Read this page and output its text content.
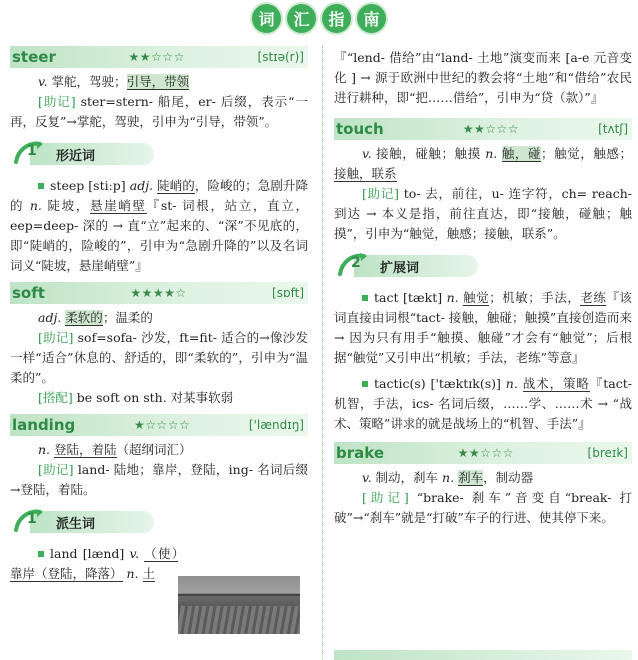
词	汇	指	南
steer	★★☆☆☆	[stɪə(r)]

v. 掌舵，驾驶；引导，带领

[助记] ster=stern- 船尾，er- 后缀，表示“一再，反复”→掌舵，驾驶，引申为“引导，带领”。

1 形近词

steep [stiːp] adj. 陡峭的，险峻的；急剧升降的 n. 陡坡，悬崖峭壁『st- 词根，站立，直立，eep=deep- 深的 → 直“立”起来的、“深”不见底的，即“陡峭的，险峻的”，引申为“急剧升降的”以及名词词义“陡坡，悬崖峭壁”』

soft	★★★★☆	[sɒft]

adj. 柔软的；温柔的

[助记] sof=sofa- 沙发，ft=fit- 适合的→像沙发一样“适合”休息的、舒适的，即“柔软的”，引申为“温柔的”。

[搭配] be soft on sth. 对某事软弱

landing	★☆☆☆☆	['lændɪŋ]

n. 登陆，着陆（超纲词汇）

[助记] land- 陆地；靠岸，登陆，ing- 名词后缀→登陆，着陆。

1 派生词

land [lænd] v. （使）靠岸（登陆，降落） n. 土

『“lend- 借给”由“land- 土地”演变而来 [a-e 元音变化 ] → 源于欧洲中世纪的教会将“土地”和“借给”农民进行耕种，即“把……借给”，引申为“贷（款）”』

touch	★★☆☆☆	[tʌtʃ]

v. 接触，碰触；触摸 n. 触，碰；触觉，触感；接触，联系

[助记] to- 去，前往，u- 连字符，ch= reach- 到达 → 本义是指，前往直达，即“接触，碰触；触摸”，引申为“触觉，触感；接触，联系”。

2 扩展词

tact [tækt] n. 触觉；机敏；手法，老练『该词直接由词根“tact- 接触，触碰；触摸”直接创造而来 → 因为只有用手“触摸、触碰”才会有“触觉”；后根据“触觉”又引申出“机敏；手法，老练”等意』

tactic(s) ['tæktɪk(s)] n. 战术，策略『tact- 机智，手法，ics- 名词后缀，……学、……术 → “战术、策略”讲求的就是战场上的“机智、手法”』

brake	★★☆☆☆	[breɪk]

v. 制动，刹车 n. 刹车，制动器

[助记] “brake- 刹车”音变自“break- 打破”→“刹车”就是“打破”车子的行进、使其停下来。
